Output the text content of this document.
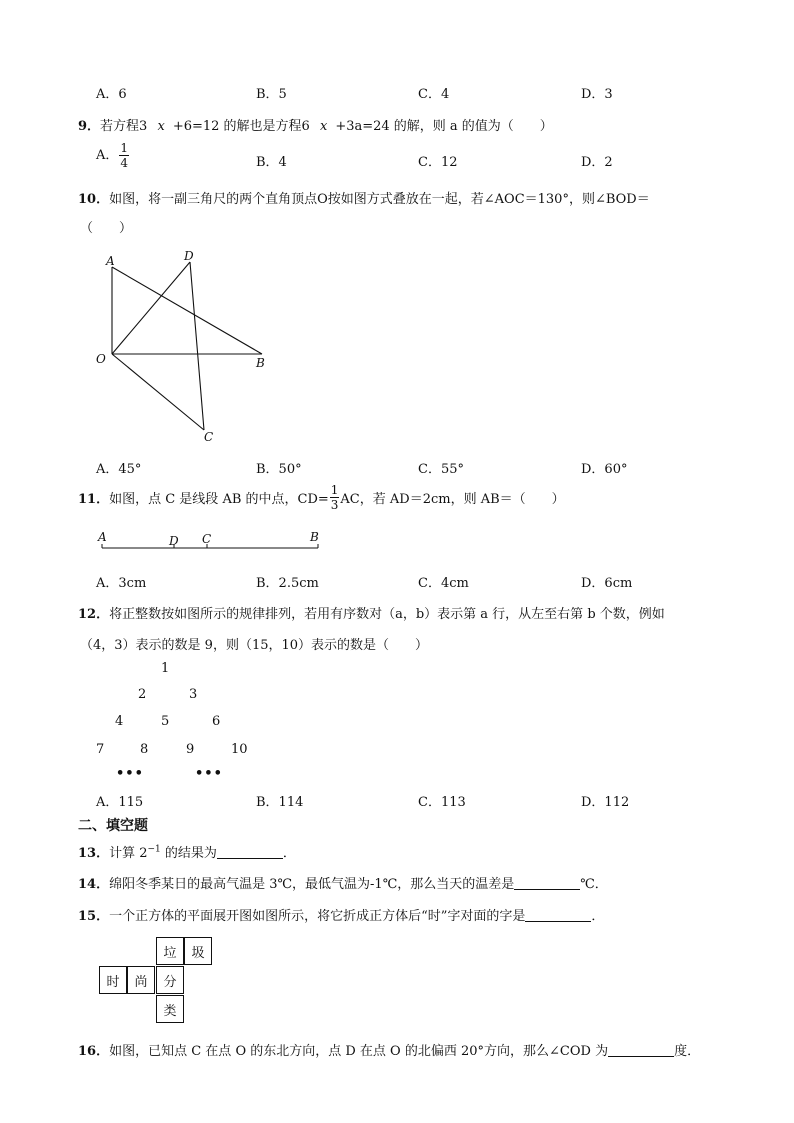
A．6	B．5	C．4	D．3
9．若方程3 x +6=12 的解也是方程6 x +3a=24 的解，则 a 的值为（　　）
A． $\frac{1}{4}$	B．4	C．12	D．2
10．如图，将一副三角尺的两个直角顶点O按如图方式叠放在一起，若∠AOC＝130°，则∠BOD＝
（　　）
A	D
O	B
C
A．45°	B．50°	C．55°	D．60°
11． 如图，点 C 是线段 AB 的中点，$CD= \frac{1}{3}$ AC，若 AD＝2cm，则 AB＝（　　）
A	D C	B
A．3cm	B．2.5cm	C．4cm	D．6cm
12．将正整数按如图所示的规律排列，若用有序数对（a，b）表示第 a 行，从左至右第 b 个数，例如
（4，3）表示的数是 9，则（15，10）表示的数是（　　）
1
2	3
4	5	6
7	8	9	10
•••	•••
A．115	B．114	C．113	D．112
二、填空题
13．计算 $2^{-1}$ 的结果为	．
14．绵阳冬季某日的最高气温是 3℃，最低气温为-1℃，那么当天的温差是	℃．
15．一个正方体的平面展开图如图所示，将它折成正方体后“时”字对面的字是	．
垃	圾
时	尚	分
类
16．如图，已知点 C 在点 O 的东北方向，点 D 在点 O 的北偏西 20°方向，那么∠COD 为	度．
